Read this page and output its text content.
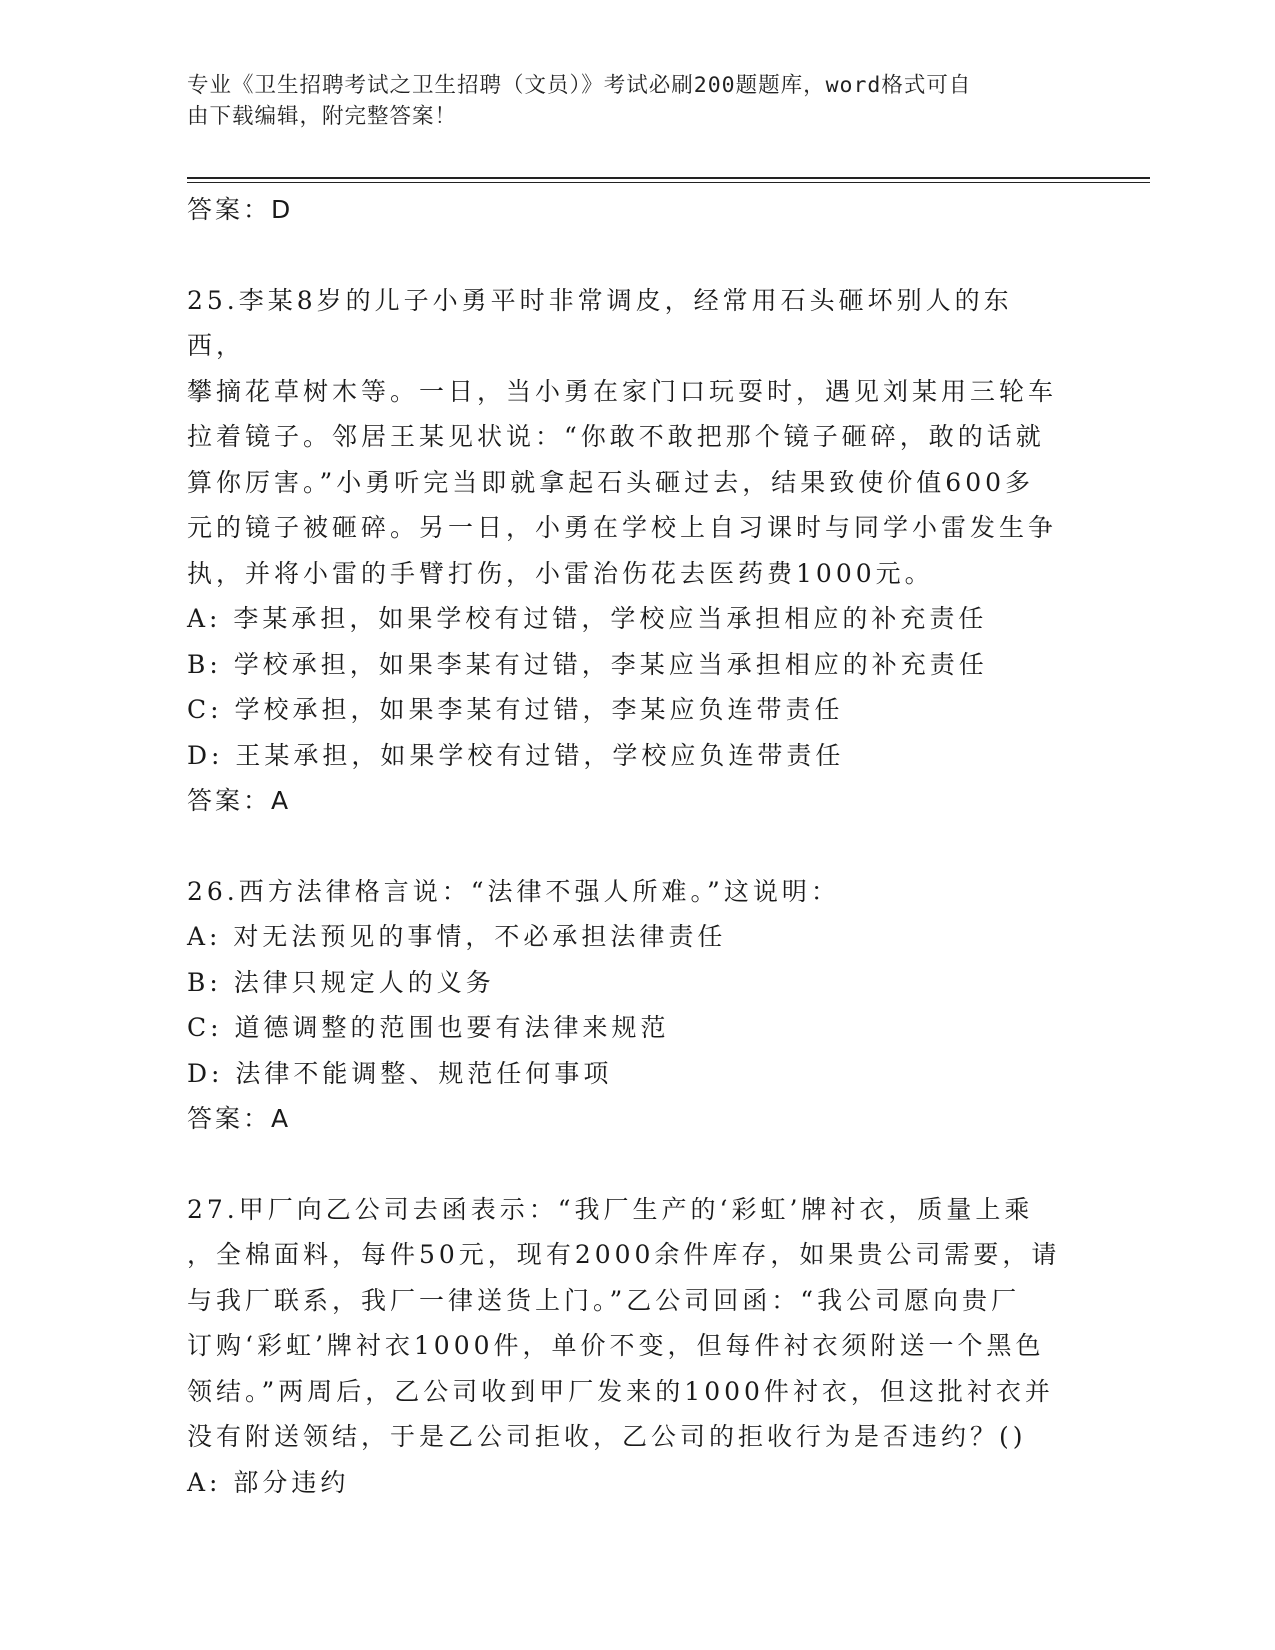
专业《卫生招聘考试之卫生招聘（文员）》考试必刷200题题库，word格式可自
由下载编辑，附完整答案！
答案：D
25.李某8岁的儿子小勇平时非常调皮，经常用石头砸坏别人的东西，
攀摘花草树木等。一日，当小勇在家门口玩耍时，遇见刘某用三轮车
拉着镜子。邻居王某见状说：“你敢不敢把那个镜子砸碎，敢的话就
算你厉害。”小勇听完当即就拿起石头砸过去，结果致使价值600多
元的镜子被砸碎。另一日，小勇在学校上自习课时与同学小雷发生争
执，并将小雷的手臂打伤，小雷治伤花去医药费1000元。
A: 李某承担，如果学校有过错，学校应当承担相应的补充责任
B: 学校承担，如果李某有过错，李某应当承担相应的补充责任
C: 学校承担，如果李某有过错，李某应负连带责任
D: 王某承担，如果学校有过错，学校应负连带责任
答案：A
26.西方法律格言说：“法律不强人所难。”这说明：
A: 对无法预见的事情，不必承担法律责任
B: 法律只规定人的义务
C: 道德调整的范围也要有法律来规范
D: 法律不能调整、规范任何事项
答案：A
27.甲厂向乙公司去函表示：“我厂生产的‘彩虹’牌衬衣，质量上乘
，全棉面料，每件50元，现有2000余件库存，如果贵公司需要，请
与我厂联系，我厂一律送货上门。”乙公司回函：“我公司愿向贵厂
订购‘彩虹’牌衬衣1000件，单价不变，但每件衬衣须附送一个黑色
领结。”两周后，乙公司收到甲厂发来的1000件衬衣，但这批衬衣并
没有附送领结，于是乙公司拒收，乙公司的拒收行为是否违约？()
A: 部分违约
